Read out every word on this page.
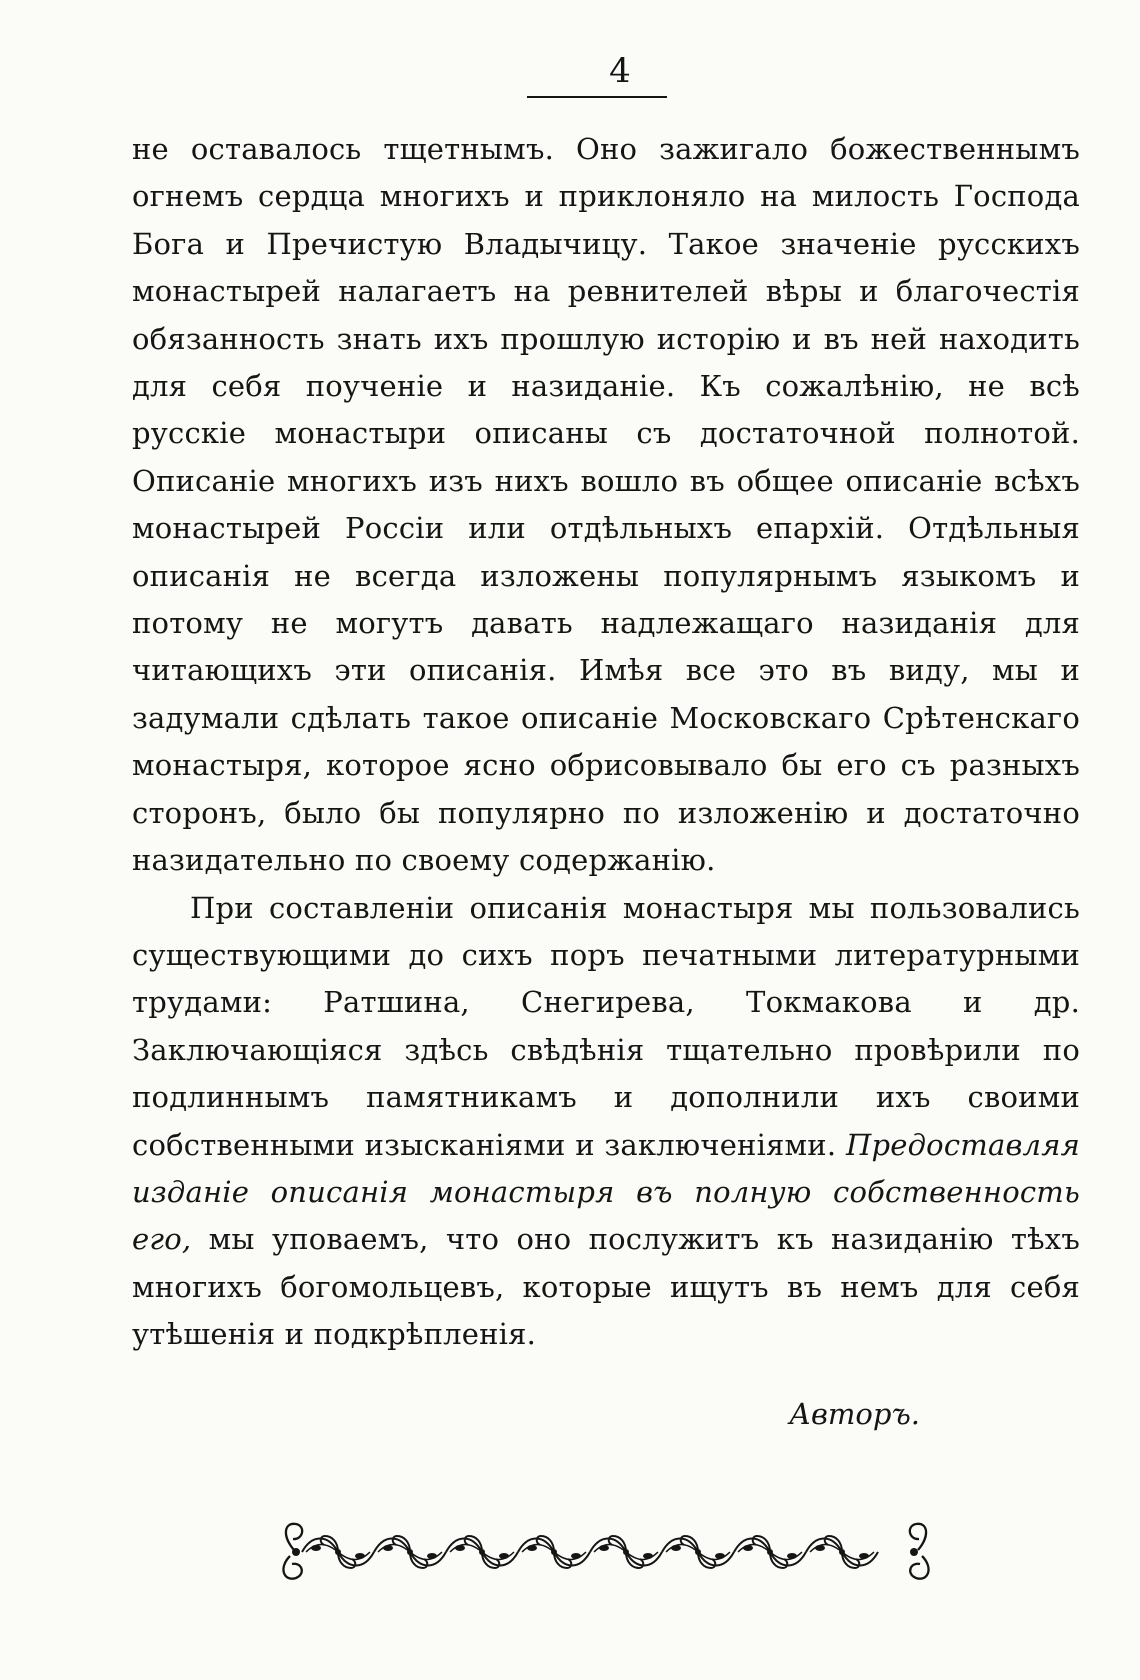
4

не оставалось тщетнымъ. Оно зажигало божественнымъ огнемъ сердца многихъ и приклоняло на милость Господа Бога и Пречистую Владычицу. Такое значенiе русскихъ монастырей налагаетъ на ревнителей вѣры и благочестiя обязанность знать ихъ прошлую исторiю и въ ней находить для себя поученiе и назиданiе. Къ сожалѣнiю, не всѣ русскiе монастыри описаны съ достаточной полнотой. Описанiе многихъ изъ нихъ вошло въ общее описанiе всѣхъ монастырей Россiи или отдѣльныхъ епархiй. Отдѣльныя описанiя не всегда изложены популярнымъ языкомъ и потому не могутъ давать надлежащаго назиданiя для читающихъ эти описанiя. Имѣя все это въ виду, мы и задумали сдѣлать такое описанiе Московскаго Срѣтенскаго монастыря, которое ясно обрисовывало бы его съ разныхъ сторонъ, было бы популярно по изложенiю и достаточно назидательно по своему содержанiю.

При составленiи описанiя монастыря мы пользовались существующими до сихъ поръ печатными литературными трудами: Ратшина, Снегирева, Токмакова и др. Заключающiяся здѣсь свѣдѣнiя тщательно провѣрили по подлиннымъ памятникамъ и дополнили ихъ своими собственными изысканiями и заключенiями. Предоставляя изданiе описанiя монастыря въ полную собственность его, мы уповаемъ, что оно послужитъ къ назиданiю тѣхъ многихъ богомольцевъ, которые ищутъ въ немъ для себя утѣшенiя и подкрѣпленiя.

Авторъ.
